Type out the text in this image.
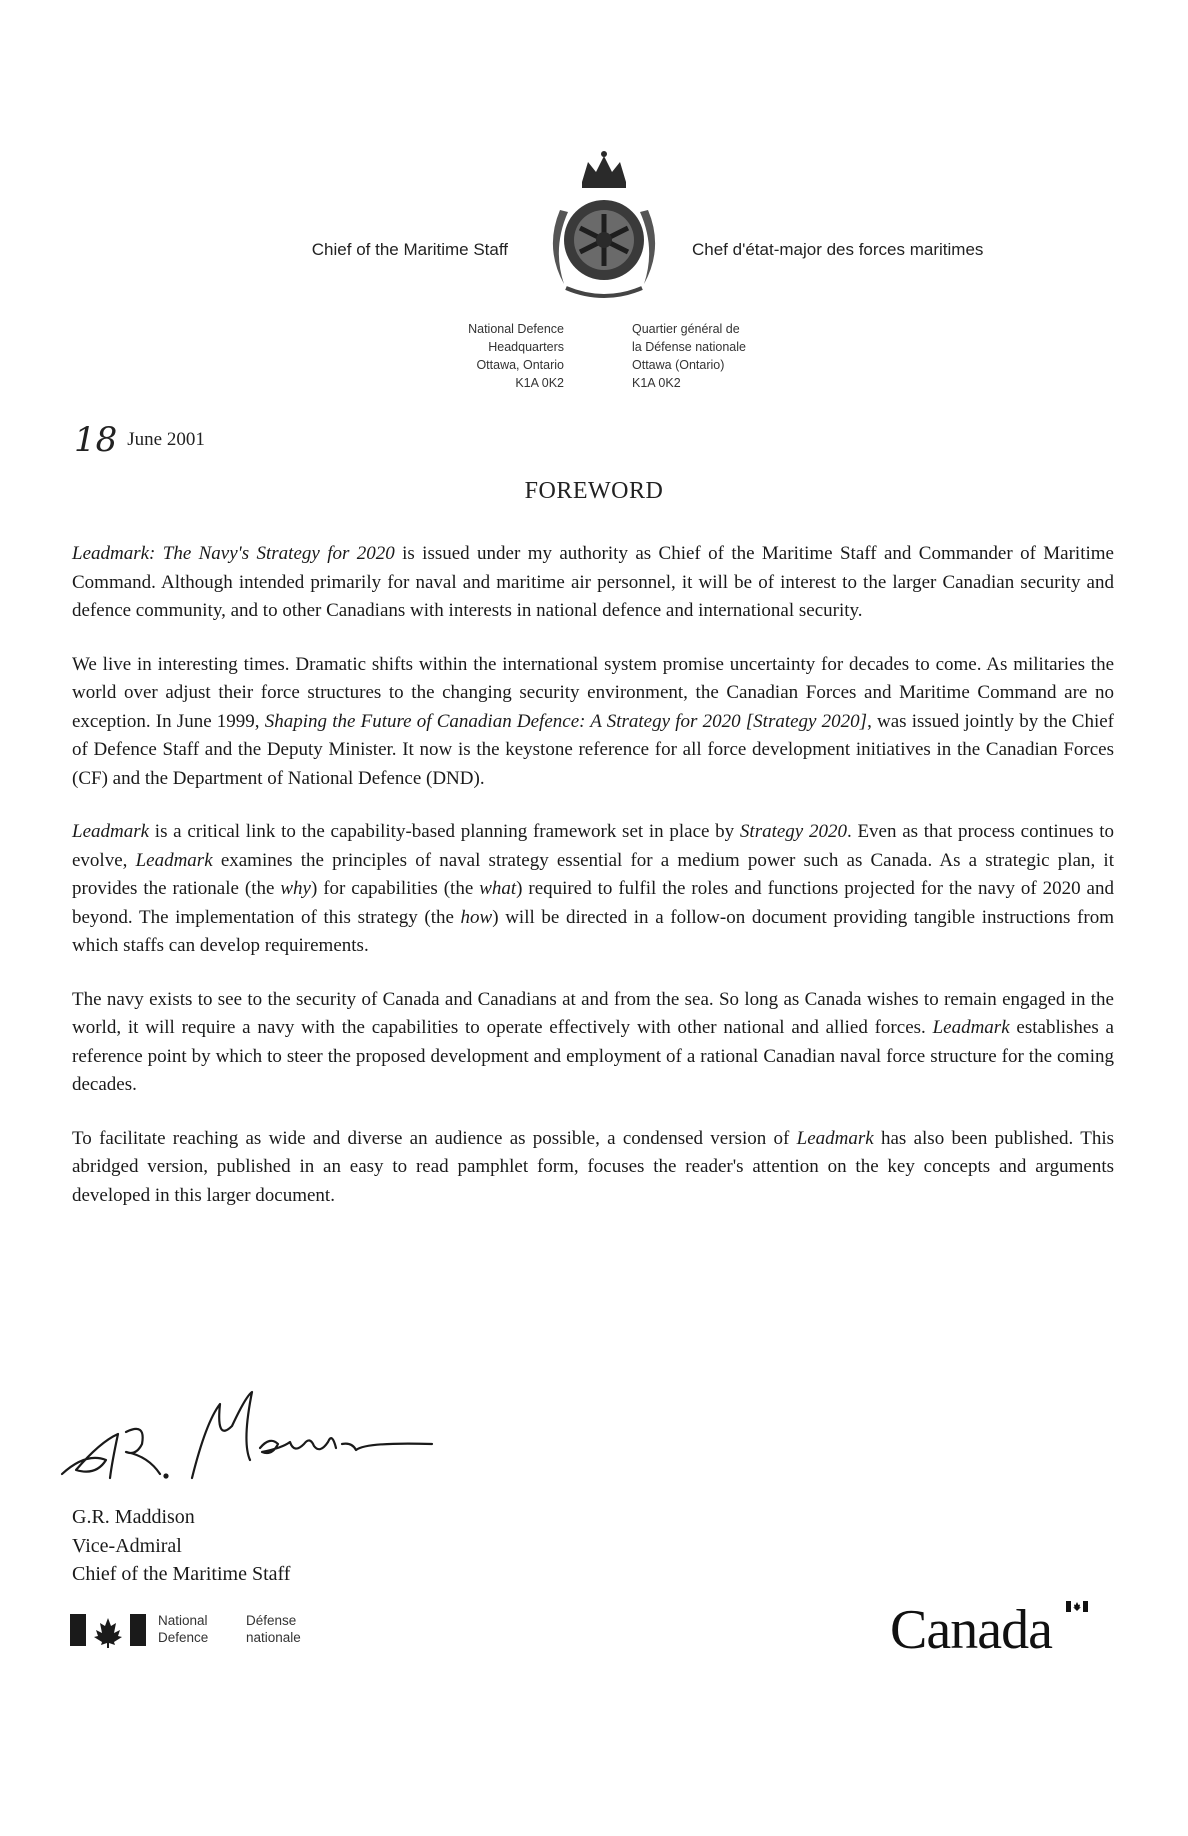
Chief of the Maritime Staff	Chef d'état-major des forces maritimes
National Defence
Headquarters
Ottawa, Ontario
K1A 0K2
Quartier général de
la Défense nationale
Ottawa (Ontario)
K1A 0K2
18 June 2001
FOREWORD

Leadmark: The Navy's Strategy for 2020 is issued under my authority as Chief of the Maritime Staff and Commander of Maritime Command. Although intended primarily for naval and maritime air personnel, it will be of interest to the larger Canadian security and defence community, and to other Canadians with interests in national defence and international security.

We live in interesting times. Dramatic shifts within the international system promise uncertainty for decades to come. As militaries the world over adjust their force structures to the changing security environment, the Canadian Forces and Maritime Command are no exception. In June 1999, Shaping the Future of Canadian Defence: A Strategy for 2020 [Strategy 2020], was issued jointly by the Chief of Defence Staff and the Deputy Minister. It now is the keystone reference for all force development initiatives in the Canadian Forces (CF) and the Department of National Defence (DND).

Leadmark is a critical link to the capability-based planning framework set in place by Strategy 2020. Even as that process continues to evolve, Leadmark examines the principles of naval strategy essential for a medium power such as Canada. As a strategic plan, it provides the rationale (the why) for capabilities (the what) required to fulfil the roles and functions projected for the navy of 2020 and beyond. The implementation of this strategy (the how) will be directed in a follow-on document providing tangible instructions from which staffs can develop requirements.

The navy exists to see to the security of Canada and Canadians at and from the sea. So long as Canada wishes to remain engaged in the world, it will require a navy with the capabilities to operate effectively with other national and allied forces. Leadmark establishes a reference point by which to steer the proposed development and employment of a rational Canadian naval force structure for the coming decades.

To facilitate reaching as wide and diverse an audience as possible, a condensed version of Leadmark has also been published. This abridged version, published in an easy to read pamphlet form, focuses the reader's attention on the key concepts and arguments developed in this larger document.

G.R. Maddison
Vice-Admiral
Chief of the Maritime Staff
National
Defence
Défense
nationale	Canada
